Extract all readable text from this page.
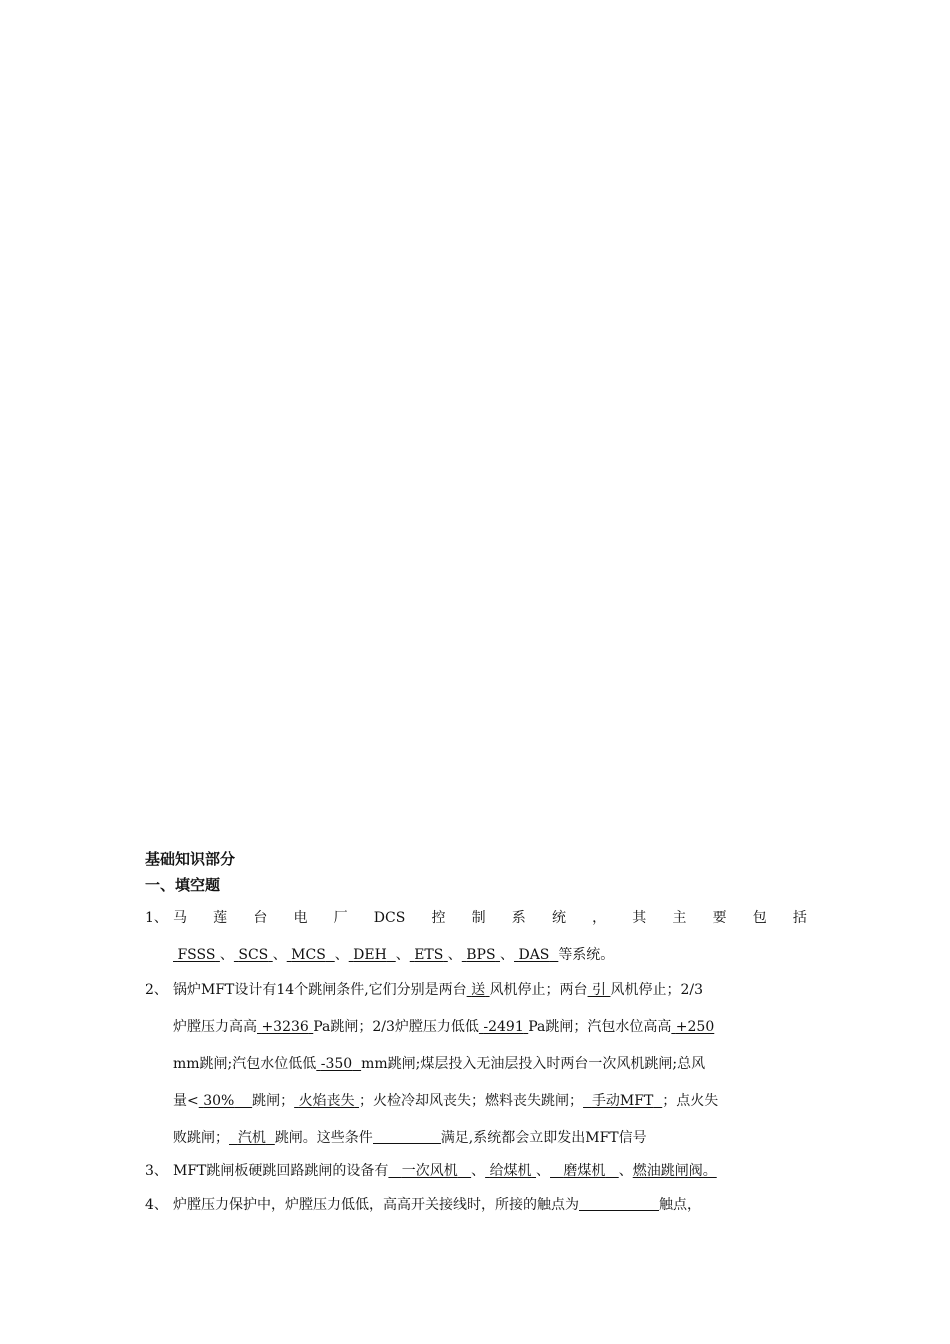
基础知识部分
一、填空题
1、 马 莲 台 电 厂 DCS 控 制 系 统 ， 其 主 要 包 括
FSSS 、 SCS 、 MCS 、 DEH 、 ETS 、 BPS 、 DAS 等系统。
2、 锅炉MFT设计有14个跳闸条件,它们分别是两台 送 风机停止；两台 引 风机停止；2/3
炉膛压力高高 +3236 Pa跳闸；2/3炉膛压力低低 -2491 Pa跳闸；汽包水位高高 +250
mm跳闸;汽包水位低低 -350 mm跳闸;煤层投入无油层投入时两台一次风机跳闸;总风
量< 30% 跳闸； 火焰丧失 ；火检冷却风丧失；燃料丧失跳闸； 手动MFT ；点火失
败跳闸； 汽机 跳闸。这些条件	满足,系统都会立即发出MFT信号
3、 MFT跳闸板硬跳回路跳闸的设备有 一次风机 、 给煤机 、 磨煤机 、燃油跳闸阀。
4、 炉膛压力保护中，炉膛压力低低，高高开关接线时，所接的触点为	触点，
